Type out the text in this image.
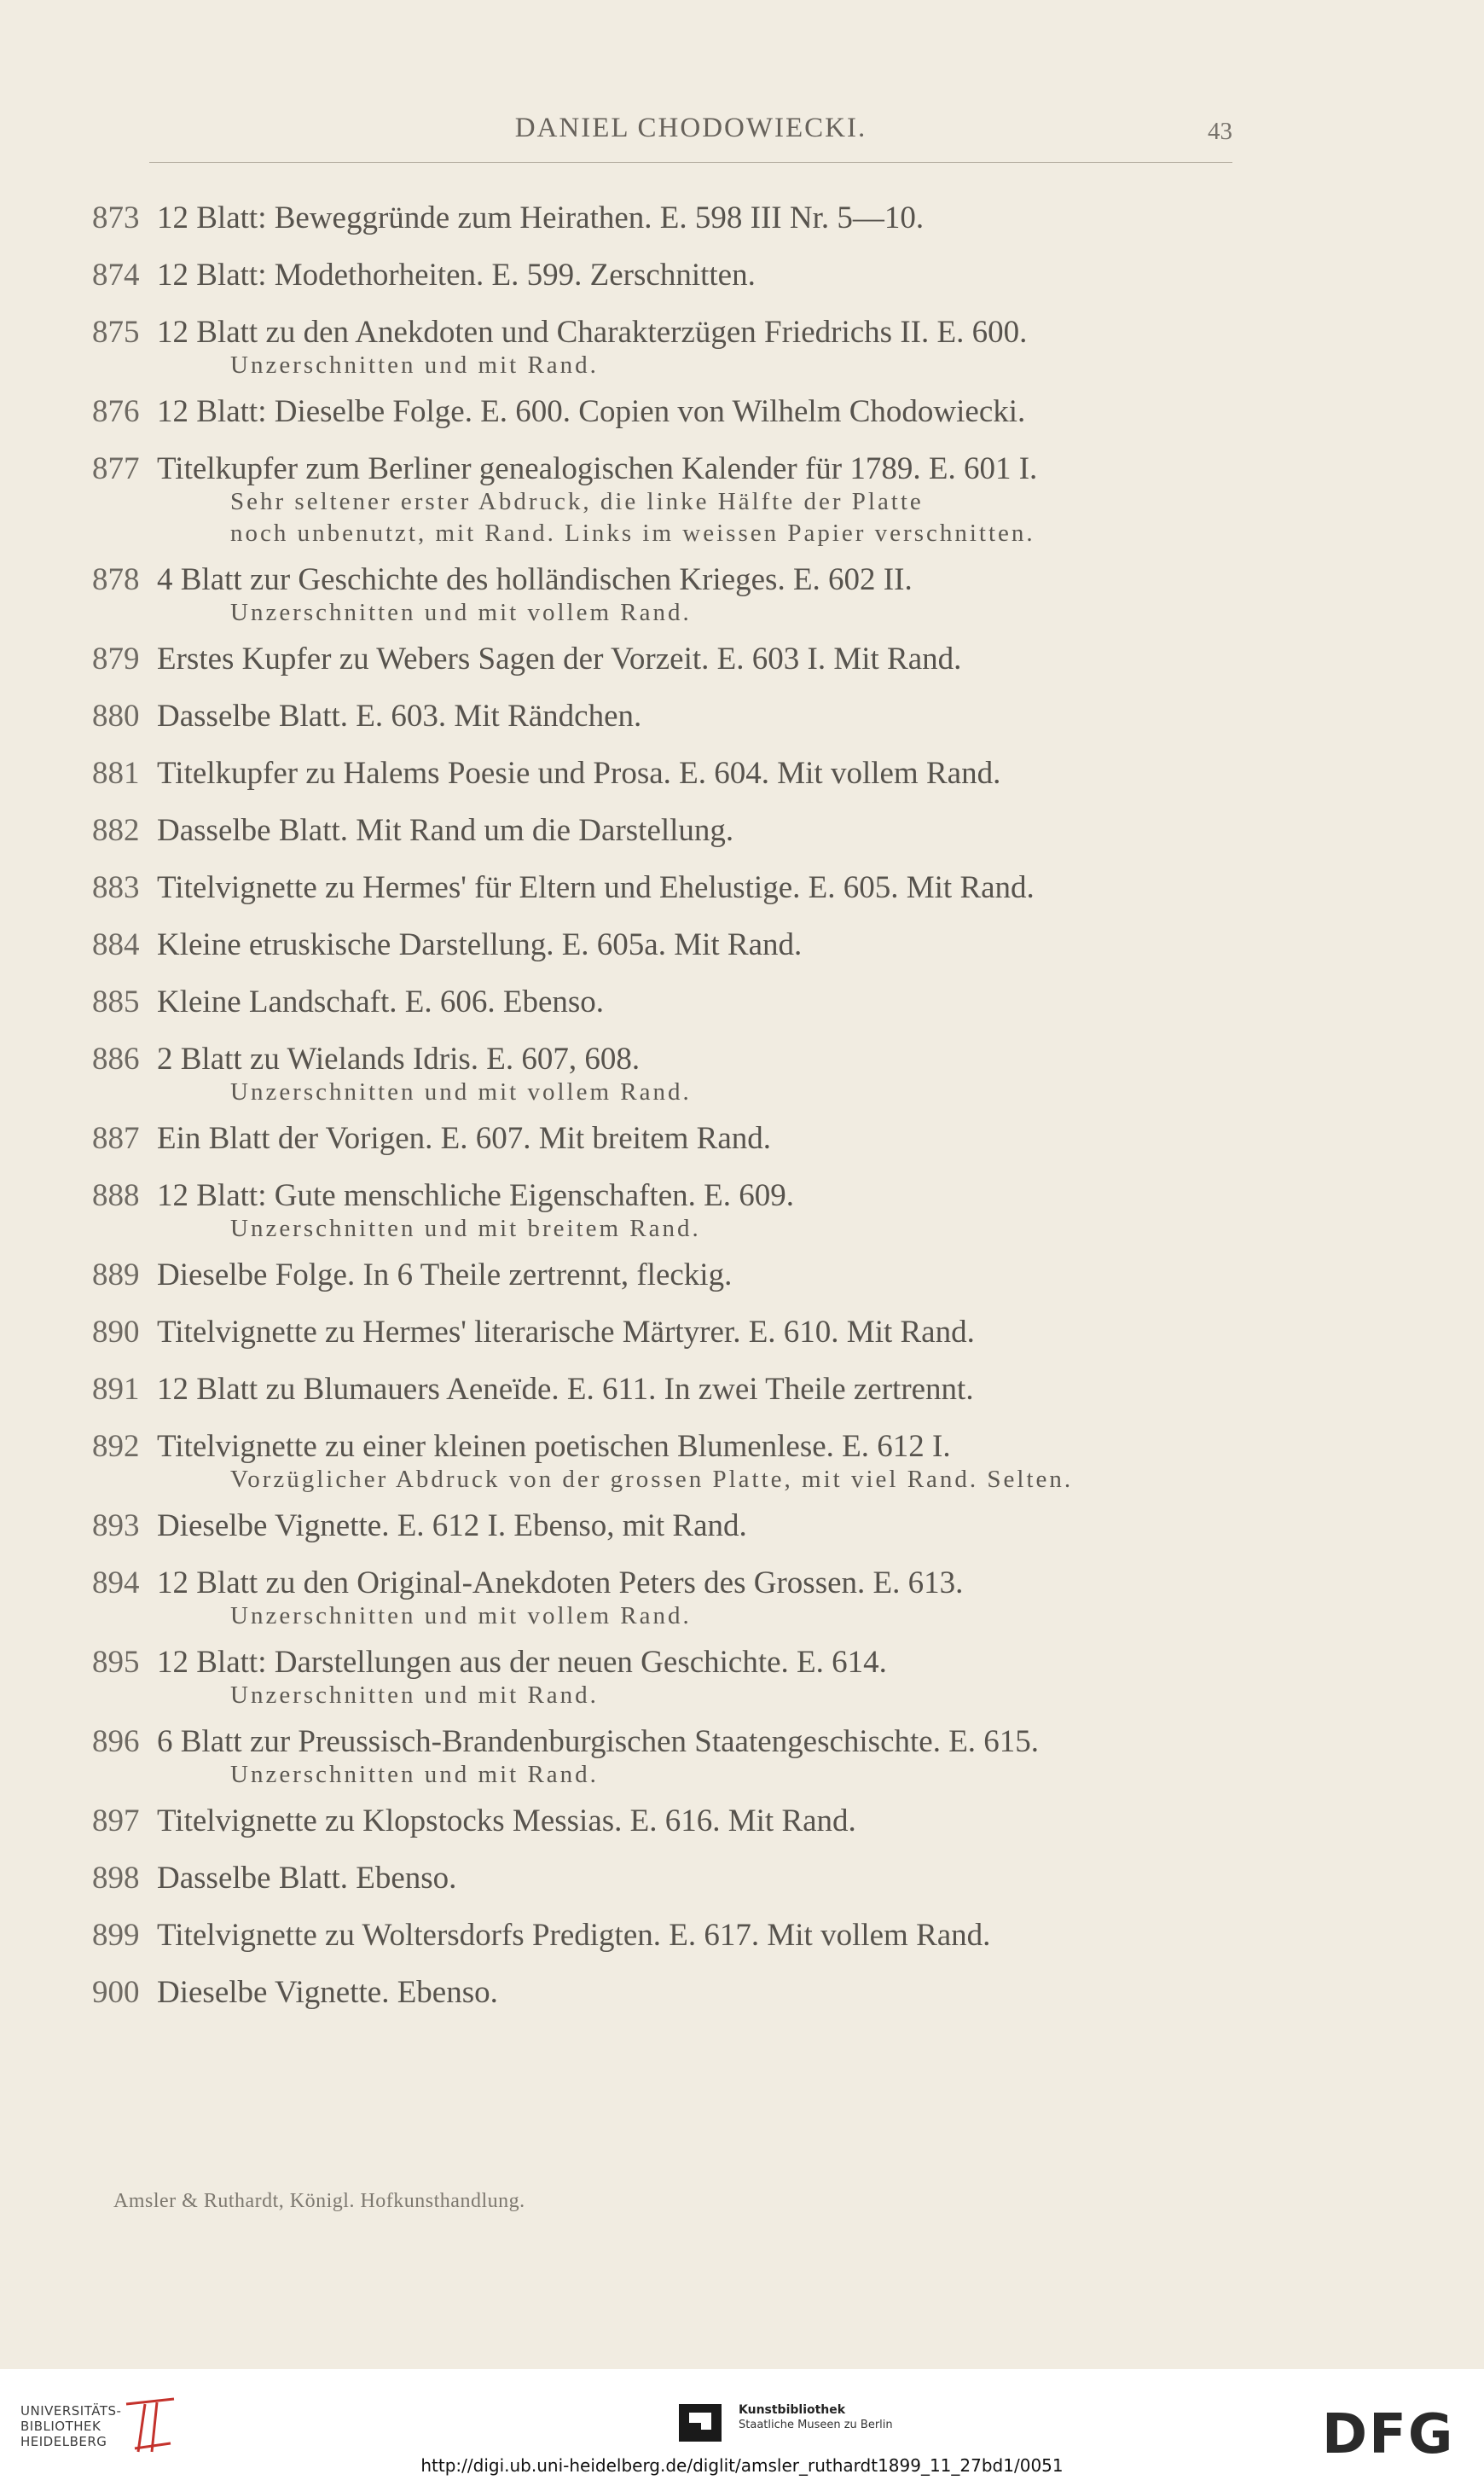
DANIEL CHODOWIECKI.	43
873 12 Blatt: Beweggründe zum Heirathen. E. 598 III Nr. 5—10.
874 12 Blatt: Modethorheiten. E. 599. Zerschnitten.
875 12 Blatt zu den Anekdoten und Charakterzügen Friedrichs II. E. 600.
Unzerschnitten und mit Rand.
876 12 Blatt: Dieselbe Folge. E. 600. Copien von Wilhelm Chodowiecki.
877 Titelkupfer zum Berliner genealogischen Kalender für 1789. E. 601 I.
Sehr seltener erster Abdruck, die linke Hälfte der Platte
noch unbenutzt, mit Rand. Links im weissen Papier verschnitten.
878 4 Blatt zur Geschichte des holländischen Krieges. E. 602 II.
Unzerschnitten und mit vollem Rand.
879 Erstes Kupfer zu Webers Sagen der Vorzeit. E. 603 I. Mit Rand.
880 Dasselbe Blatt. E. 603. Mit Rändchen.
881 Titelkupfer zu Halems Poesie und Prosa. E. 604. Mit vollem Rand.
882 Dasselbe Blatt. Mit Rand um die Darstellung.
883 Titelvignette zu Hermes' für Eltern und Ehelustige. E. 605. Mit Rand.
884 Kleine etruskische Darstellung. E. 605a. Mit Rand.
885 Kleine Landschaft. E. 606. Ebenso.
886 2 Blatt zu Wielands Idris. E. 607, 608.
Unzerschnitten und mit vollem Rand.
887 Ein Blatt der Vorigen. E. 607. Mit breitem Rand.
888 12 Blatt: Gute menschliche Eigenschaften. E. 609.
Unzerschnitten und mit breitem Rand.
889 Dieselbe Folge. In 6 Theile zertrennt, fleckig.
890 Titelvignette zu Hermes' literarische Märtyrer. E. 610. Mit Rand.
891 12 Blatt zu Blumauers Aeneïde. E. 611. In zwei Theile zertrennt.
892 Titelvignette zu einer kleinen poetischen Blumenlese. E. 612 I.
Vorzüglicher Abdruck von der grossen Platte, mit viel Rand. Selten.
893 Dieselbe Vignette. E. 612 I. Ebenso, mit Rand.
894 12 Blatt zu den Original-Anekdoten Peters des Grossen. E. 613.
Unzerschnitten und mit vollem Rand.
895 12 Blatt: Darstellungen aus der neuen Geschichte. E. 614.
Unzerschnitten und mit Rand.
896 6 Blatt zur Preussisch-Brandenburgischen Staatengeschischte. E. 615.
Unzerschnitten und mit Rand.
897 Titelvignette zu Klopstocks Messias. E. 616. Mit Rand.
898 Dasselbe Blatt. Ebenso.
899 Titelvignette zu Woltersdorfs Predigten. E. 617. Mit vollem Rand.
900 Dieselbe Vignette. Ebenso.
Amsler & Ruthardt, Königl. Hofkunsthandlung.
UNIVERSITÄTS-
BIBLIOTHEK
HEIDELBERG
Kunstbibliothek
Staatliche Museen zu Berlin	DFG
http://digi.ub.uni-heidelberg.de/diglit/amsler_ruthardt1899_11_27bd1/0051
